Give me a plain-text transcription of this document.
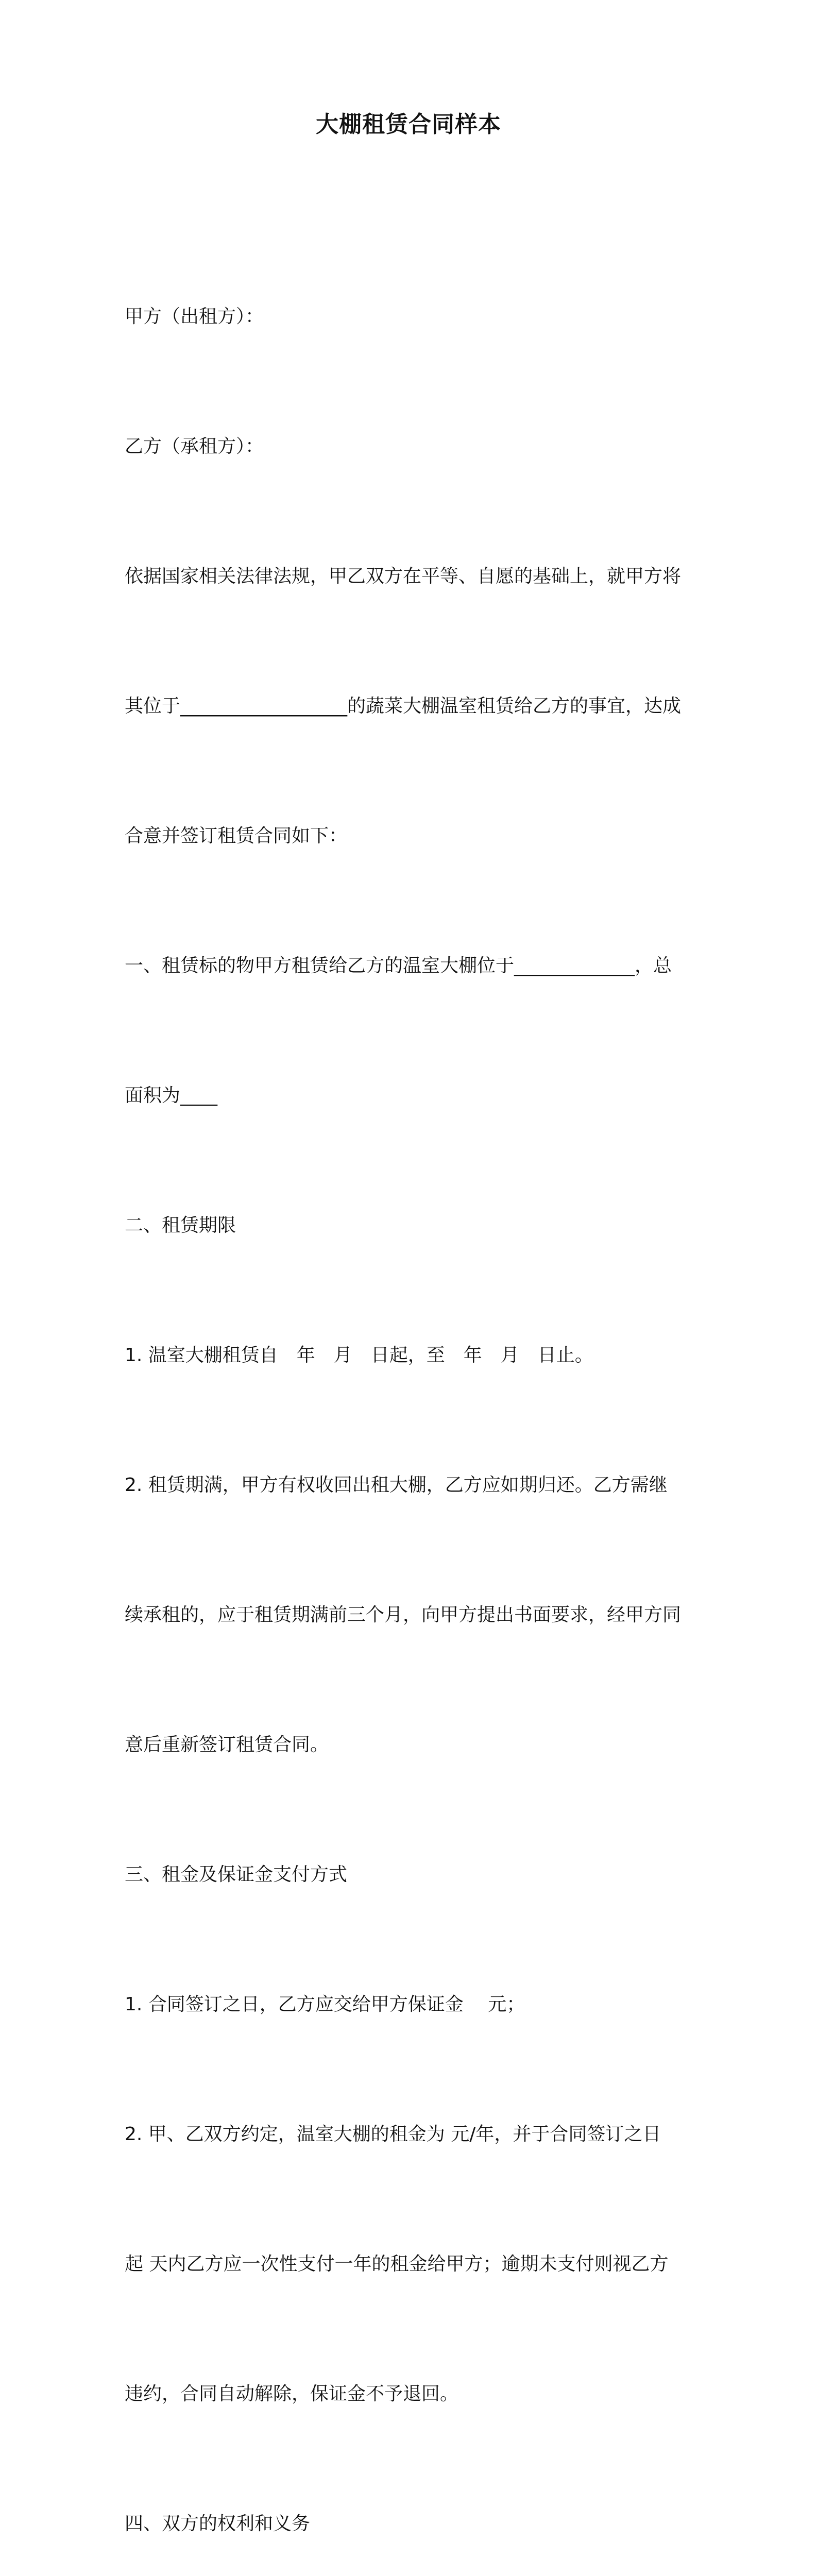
大棚租赁合同样本

甲方（出租方）：

乙方（承租方）：

依据国家相关法律法规，甲乙双方在平等、自愿的基础上，就甲方将

其位于__________________的蔬菜大棚温室租赁给乙方的事宜，达成

合意并签订租赁合同如下：

一、租赁标的物甲方租赁给乙方的温室大棚位于_____________，总

面积为____

二、租赁期限

1. 温室大棚租赁自　年　月　日起，至　年　月　日止。

2. 租赁期满，甲方有权收回出租大棚，乙方应如期归还。乙方需继

续承租的，应于租赁期满前三个月，向甲方提出书面要求，经甲方同

意后重新签订租赁合同。

三、租金及保证金支付方式

1. 合同签订之日，乙方应交给甲方保证金　 元；

2. 甲、乙双方约定，温室大棚的租金为 元/年，并于合同签订之日

起 天内乙方应一次性支付一年的租金给甲方；逾期未支付则视乙方

违约，合同自动解除，保证金不予退回。

四、双方的权利和义务
